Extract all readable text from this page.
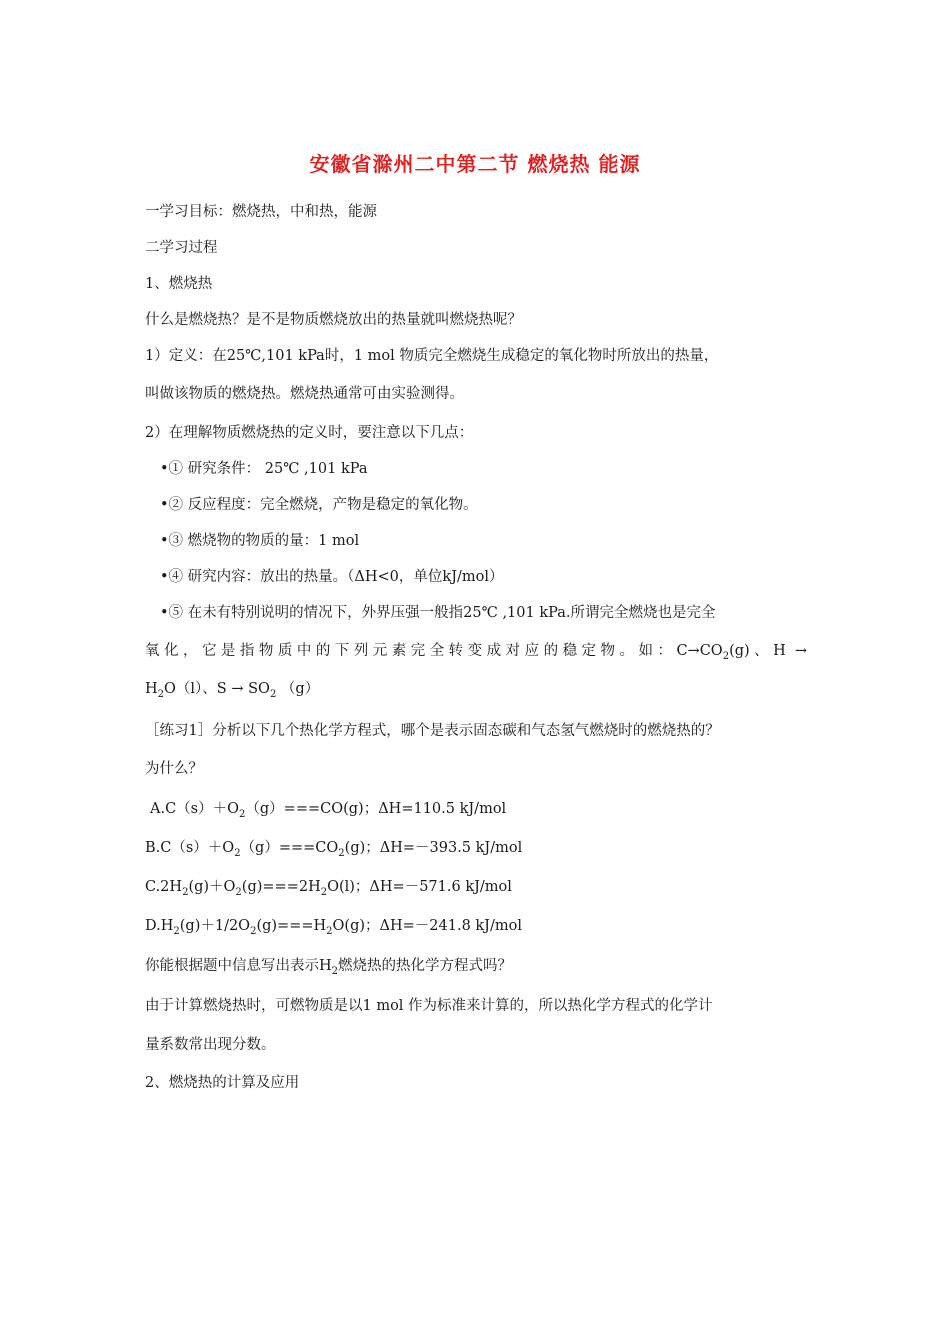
安徽省滁州二中第二节 燃烧热 能源
一学习目标：燃烧热，中和热，能源
二学习过程
1、燃烧热
什么是燃烧热？是不是物质燃烧放出的热量就叫燃烧热呢？
1）定义：在25℃,101 kPa时，1 mol 物质完全燃烧生成稳定的氧化物时所放出的热量，
叫做该物质的燃烧热。燃烧热通常可由实验测得。
2）在理解物质燃烧热的定义时，要注意以下几点：
•① 研究条件： 25℃ ,101 kPa
•② 反应程度：完全燃烧，产物是稳定的氧化物。
•③ 燃烧物的物质的量：1 mol
•④ 研究内容：放出的热量。（ΔH<0，单位kJ/mol）
•⑤ 在未有特别说明的情况下，外界压强一般指25℃ ,101 kPa.所谓完全燃烧也是完全
氧化，它是指物质中的下列元素完全转变成对应的稳定物。如：$C\to CO_2(g)$、H →
$H_2O(l)$、$S \to SO_2$ （g）
［练习1］分析以下几个热化学方程式，哪个是表示固态碳和气态氢气燃烧时的燃烧热的？
为什么？
$A.C(s)+O_2(g)===CO(g)$；ΔH=110.5 kJ/mol
$B.C(s)+O_2(g)===CO_2(g)$；ΔH=－393.5 kJ/mol
$C.2H_2(g)+O_2(g)===2H_2O(l)$；ΔH=－571.6 kJ/mol
$D.H_2(g)+1/2O_2(g)===H_2O(g)$；ΔH=－241.8 kJ/mol
你能根据题中信息写出表示$H_2$燃烧热的热化学方程式吗？
由于计算燃烧热时，可燃物质是以1 mol 作为标准来计算的，所以热化学方程式的化学计
量系数常出现分数。
2、燃烧热的计算及应用
